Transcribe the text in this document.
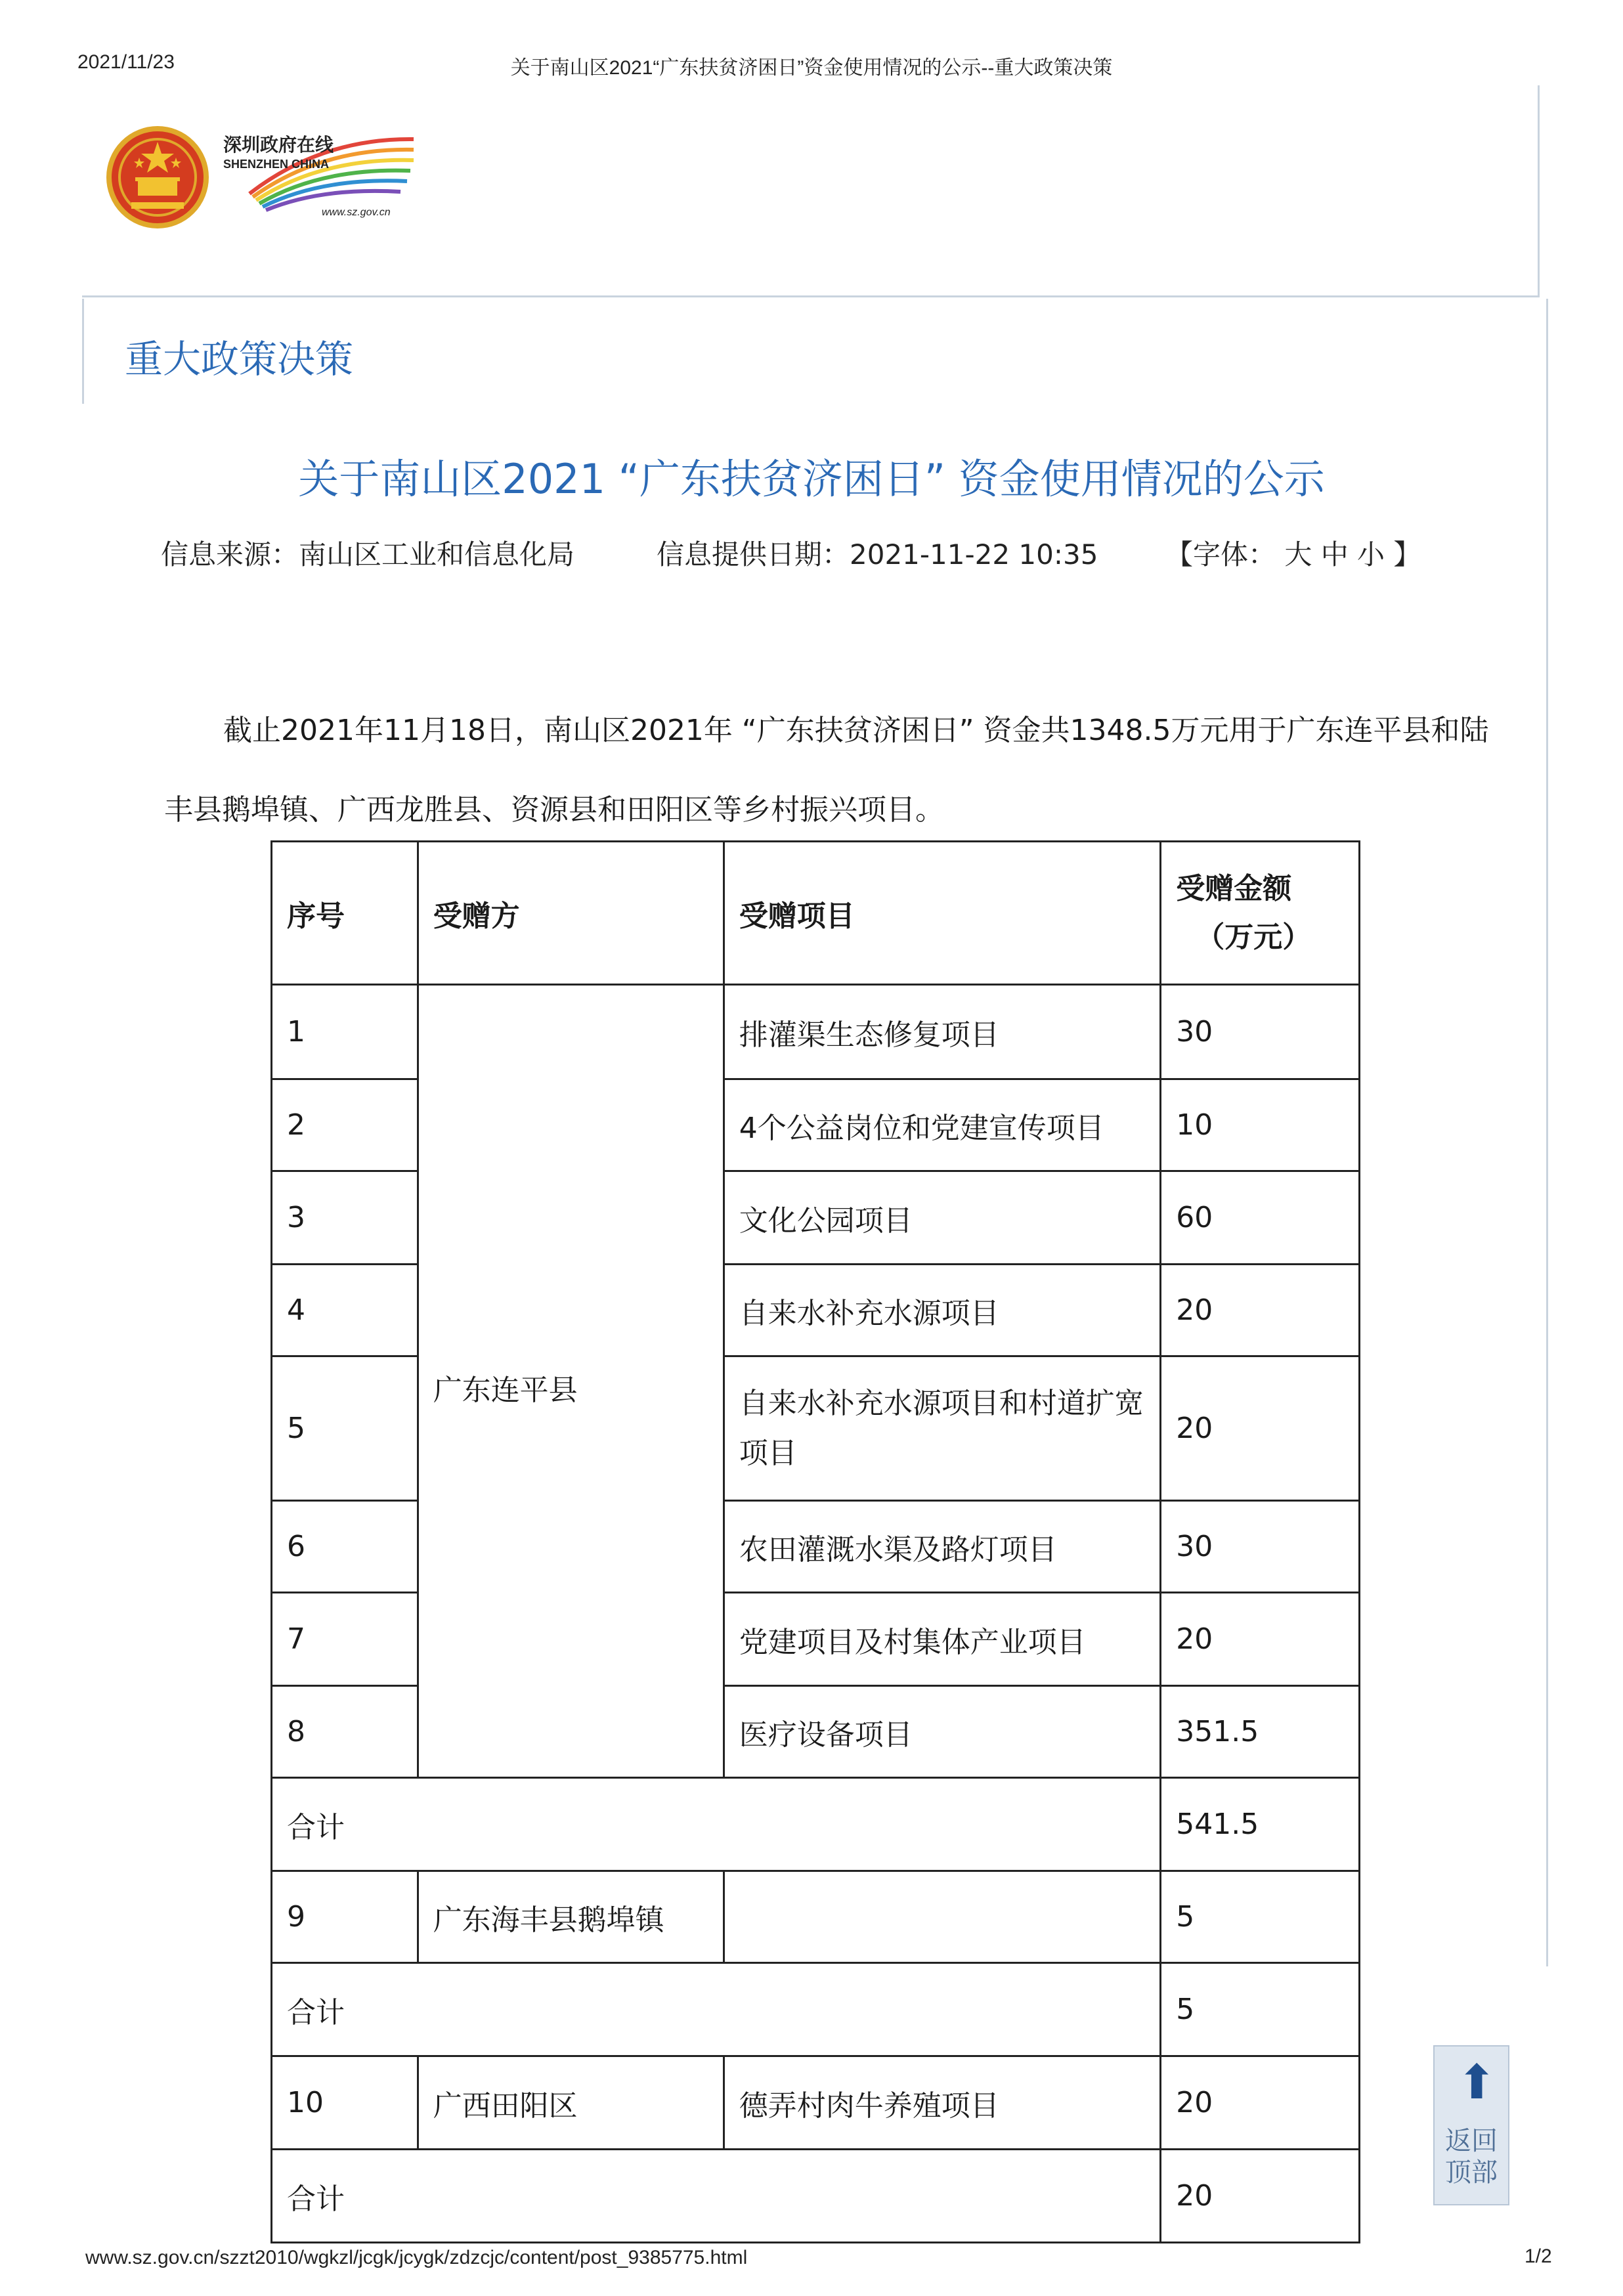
2021/11/23	关于南山区2021“广东扶贫济困日”资金使用情况的公示--重大政策决策
深圳政府在线
SHENZHEN CHINA
www.sz.gov.cn
重大政策决策
关于南山区2021 “广东扶贫济困日” 资金使用情况的公示
信息来源：南山区工业和信息化局	信息提供日期：2021-11-22 10:35 【字体： 大 中 小 】
截止2021年11月18日，南山区2021年 “广东扶贫济困日” 资金共1348.5万元用于广东连平县和陆
丰县鹅埠镇、广西龙胜县、资源县和田阳区等乡村振兴项目。
序号	受赠方	受赠项目	受赠金额
（万元）

1	广东连平县	排灌渠生态修复项目	30
2		4个公益岗位和党建宣传项目	10
3		文化公园项目	60
4		自来水补充水源项目	20
5		自来水补充水源项目和村道扩宽项目	20
6		农田灌溉水渠及路灯项目	30
7		党建项目及村集体产业项目	20
8		医疗设备项目	351.5
合计			541.5
9	广东海丰县鹅埠镇		5
合计			5
10	广西田阳区	德弄村肉牛养殖项目	20
合计			20
⬆
返回顶部
www.sz.gov.cn/szzt2010/wgkzl/jcgk/jcygk/zdzcjc/content/post_9385775.html	1/2
